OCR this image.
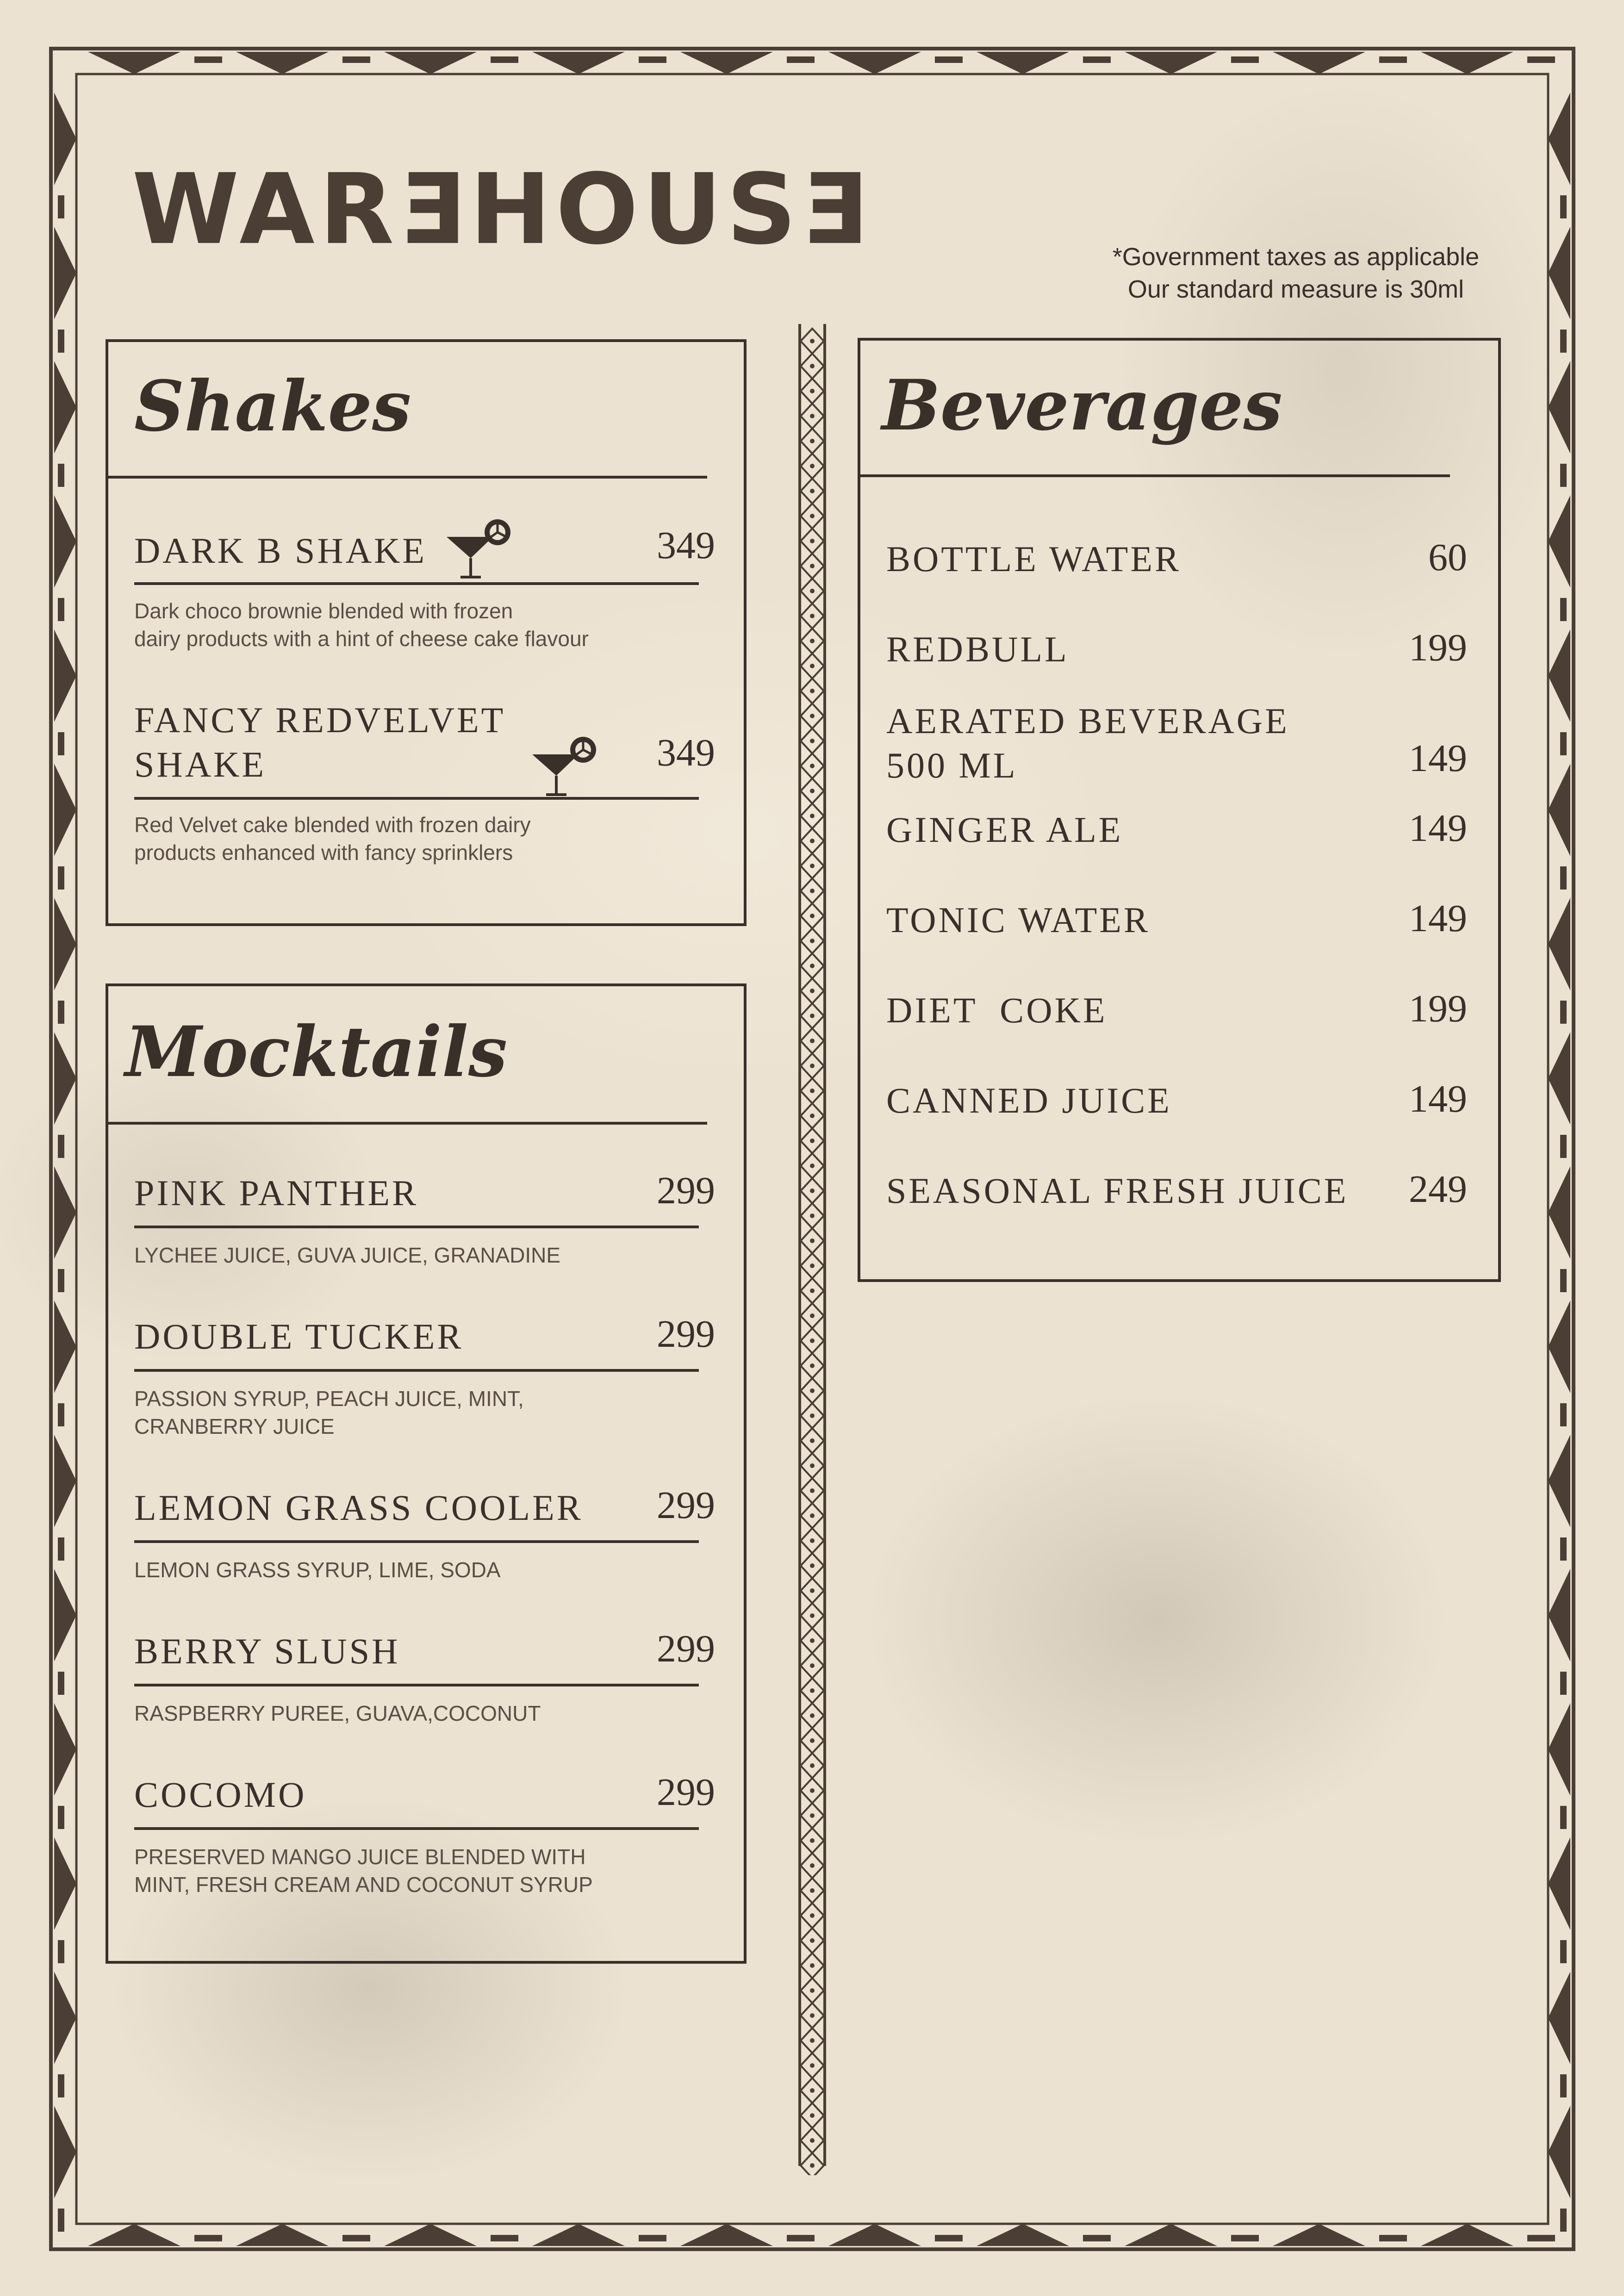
WARƎHOUSƎ	*Government taxes as applicable
Our standard measure is 30ml
Shakes
DARK B SHAKE	349
Dark choco brownie blended with frozen
dairy products with a hint of cheese cake flavour
FANCY REDVELVET
SHAKE	349
Red Velvet cake blended with frozen dairy
products enhanced with fancy sprinklers
Mocktails
PINK PANTHER	299
LYCHEE JUICE, GUVA JUICE, GRANADINE
DOUBLE TUCKER	299
PASSION SYRUP, PEACH JUICE, MINT,
CRANBERRY JUICE
LEMON GRASS COOLER	299
LEMON GRASS SYRUP, LIME, SODA
BERRY SLUSH	299
RASPBERRY PUREE, GUAVA,COCONUT
COCOMO	299
PRESERVED MANGO JUICE BLENDED WITH
MINT, FRESH CREAM AND COCONUT SYRUP
Beverages
BOTTLE WATER	60
REDBULL	199
AERATED BEVERAGE
500 ML	149
GINGER ALE	149
TONIC WATER	149
DIET  COKE	199
CANNED JUICE	149
SEASONAL FRESH JUICE	249
